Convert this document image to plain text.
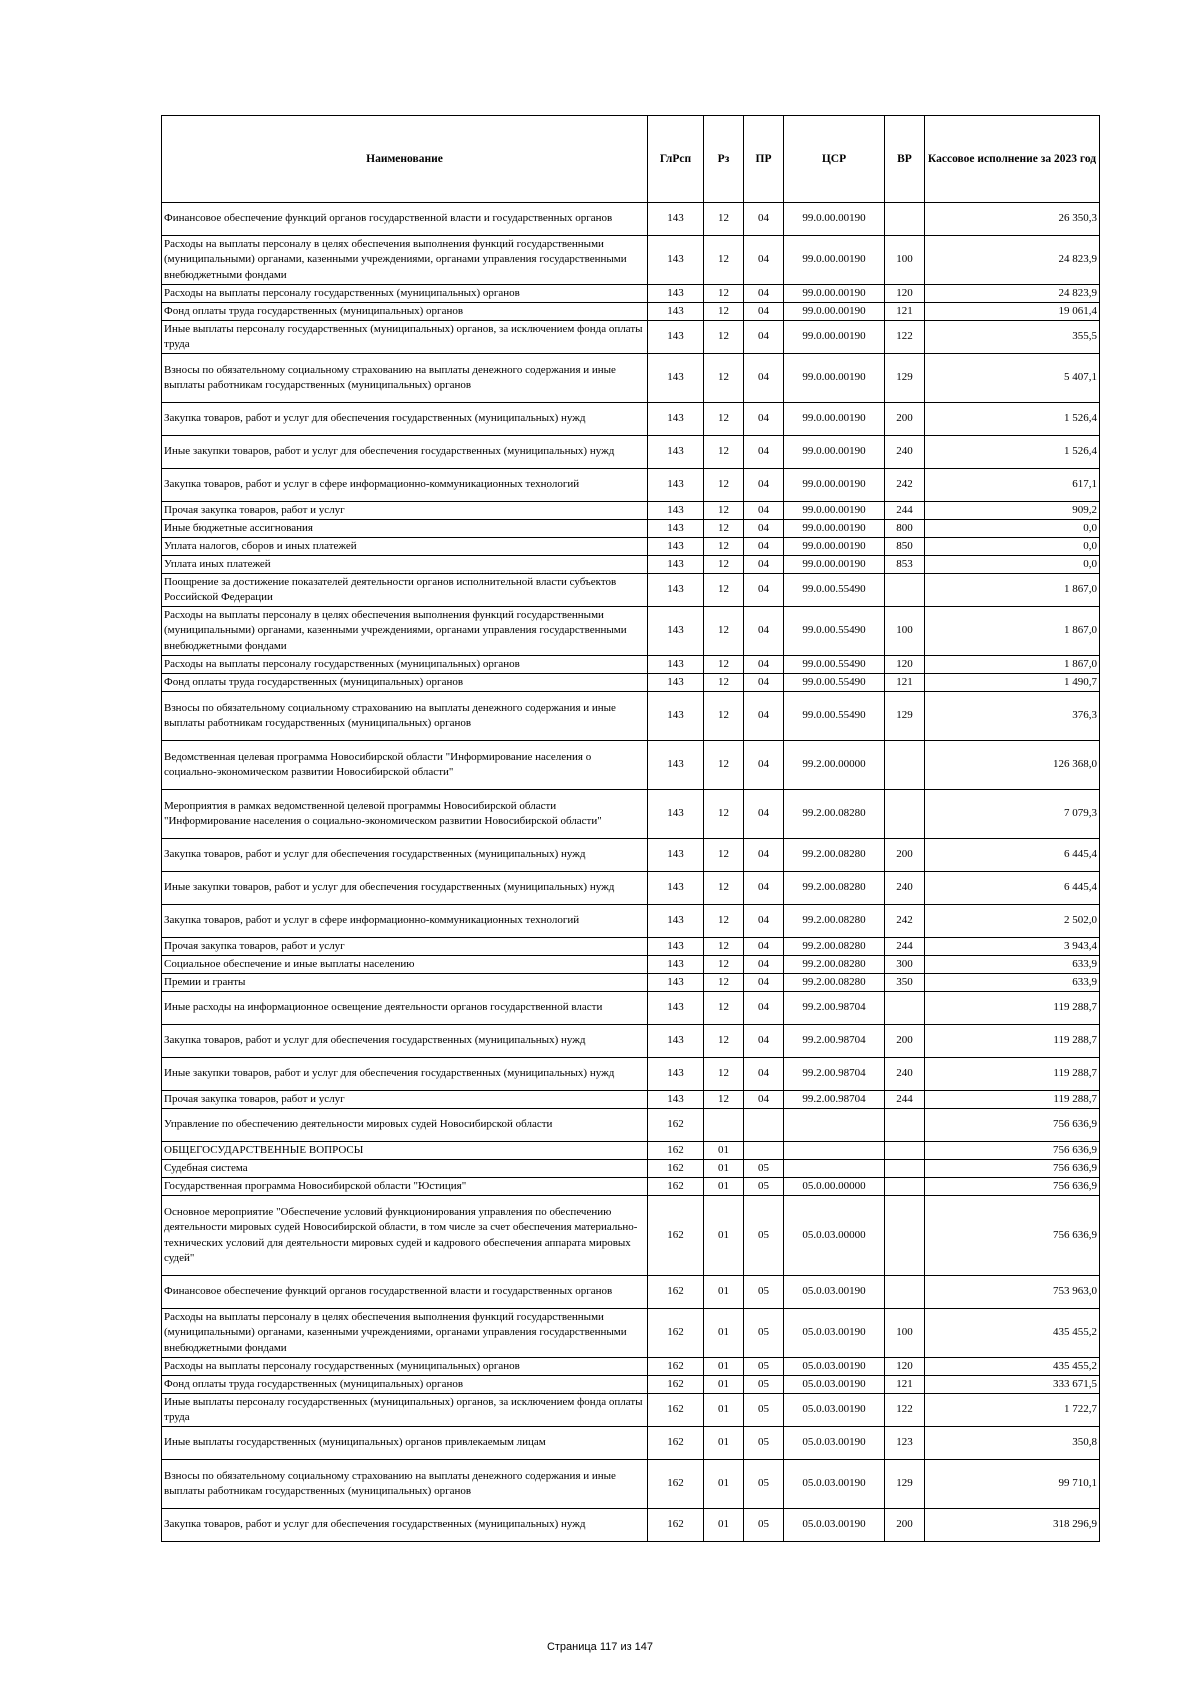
Наименование	ГлРсп	Рз	ПР	ЦСР	ВР	Кассовое исполнение за 2023 год
Финансовое обеспечение функций органов государственной власти и государственных органов	143	12	04	99.0.00.00190		26 350,3
Расходы на выплаты персоналу в целях обеспечения выполнения функций государственными (муниципальными) органами, казенными учреждениями, органами управления государственными внебюджетными фондами	143	12	04	99.0.00.00190	100	24 823,9
Расходы на выплаты персоналу государственных (муниципальных) органов	143	12	04	99.0.00.00190	120	24 823,9
Фонд оплаты труда государственных (муниципальных) органов	143	12	04	99.0.00.00190	121	19 061,4
Иные выплаты персоналу государственных (муниципальных) органов, за исключением фонда оплаты труда	143	12	04	99.0.00.00190	122	355,5
Взносы по обязательному социальному страхованию на выплаты денежного содержания и иные выплаты работникам государственных (муниципальных) органов	143	12	04	99.0.00.00190	129	5 407,1
Закупка товаров, работ и услуг для обеспечения государственных (муниципальных) нужд	143	12	04	99.0.00.00190	200	1 526,4
Иные закупки товаров, работ и услуг для обеспечения государственных (муниципальных) нужд	143	12	04	99.0.00.00190	240	1 526,4
Закупка товаров, работ и услуг в сфере информационно-коммуникационных технологий	143	12	04	99.0.00.00190	242	617,1
Прочая закупка товаров, работ и услуг	143	12	04	99.0.00.00190	244	909,2
Иные бюджетные ассигнования	143	12	04	99.0.00.00190	800	0,0
Уплата налогов, сборов и иных платежей	143	12	04	99.0.00.00190	850	0,0
Уплата иных платежей	143	12	04	99.0.00.00190	853	0,0
Поощрение за достижение показателей деятельности органов исполнительной власти субъектов Российской Федерации	143	12	04	99.0.00.55490		1 867,0
Расходы на выплаты персоналу в целях обеспечения выполнения функций государственными (муниципальными) органами, казенными учреждениями, органами управления государственными внебюджетными фондами	143	12	04	99.0.00.55490	100	1 867,0
Расходы на выплаты персоналу государственных (муниципальных) органов	143	12	04	99.0.00.55490	120	1 867,0
Фонд оплаты труда государственных (муниципальных) органов	143	12	04	99.0.00.55490	121	1 490,7
Взносы по обязательному социальному страхованию на выплаты денежного содержания и иные выплаты работникам государственных (муниципальных) органов	143	12	04	99.0.00.55490	129	376,3
Ведомственная целевая программа Новосибирской области "Информирование населения о социально-экономическом развитии Новосибирской области"	143	12	04	99.2.00.00000		126 368,0
Мероприятия в рамках ведомственной целевой программы Новосибирской области "Информирование населения о социально-экономическом развитии Новосибирской области"	143	12	04	99.2.00.08280		7 079,3
Закупка товаров, работ и услуг для обеспечения государственных (муниципальных) нужд	143	12	04	99.2.00.08280	200	6 445,4
Иные закупки товаров, работ и услуг для обеспечения государственных (муниципальных) нужд	143	12	04	99.2.00.08280	240	6 445,4
Закупка товаров, работ и услуг в сфере информационно-коммуникационных технологий	143	12	04	99.2.00.08280	242	2 502,0
Прочая закупка товаров, работ и услуг	143	12	04	99.2.00.08280	244	3 943,4
Социальное обеспечение и иные выплаты населению	143	12	04	99.2.00.08280	300	633,9
Премии и гранты	143	12	04	99.2.00.08280	350	633,9
Иные расходы на информационное освещение деятельности органов государственной власти	143	12	04	99.2.00.98704		119 288,7
Закупка товаров, работ и услуг для обеспечения государственных (муниципальных) нужд	143	12	04	99.2.00.98704	200	119 288,7
Иные закупки товаров, работ и услуг для обеспечения государственных (муниципальных) нужд	143	12	04	99.2.00.98704	240	119 288,7
Прочая закупка товаров, работ и услуг	143	12	04	99.2.00.98704	244	119 288,7
Управление по обеспечению деятельности мировых судей Новосибирской области	162					756 636,9
ОБЩЕГОСУДАРСТВЕННЫЕ ВОПРОСЫ	162	01				756 636,9
Судебная система	162	01	05			756 636,9
Государственная программа Новосибирской области "Юстиция"	162	01	05	05.0.00.00000		756 636,9
Основное мероприятие "Обеспечение условий функционирования управления по обеспечению деятельности мировых судей Новосибирской области, в том числе за счет обеспечения материально-технических условий для деятельности мировых судей и кадрового обеспечения аппарата мировых судей"	162	01	05	05.0.03.00000		756 636,9
Финансовое обеспечение функций органов государственной власти и государственных органов	162	01	05	05.0.03.00190		753 963,0
Расходы на выплаты персоналу в целях обеспечения выполнения функций государственными (муниципальными) органами, казенными учреждениями, органами управления государственными внебюджетными фондами	162	01	05	05.0.03.00190	100	435 455,2
Расходы на выплаты персоналу государственных (муниципальных) органов	162	01	05	05.0.03.00190	120	435 455,2
Фонд оплаты труда государственных (муниципальных) органов	162	01	05	05.0.03.00190	121	333 671,5
Иные выплаты персоналу государственных (муниципальных) органов, за исключением фонда оплаты труда	162	01	05	05.0.03.00190	122	1 722,7
Иные выплаты государственных (муниципальных) органов привлекаемым лицам	162	01	05	05.0.03.00190	123	350,8
Взносы по обязательному социальному страхованию на выплаты денежного содержания и иные выплаты работникам государственных (муниципальных) органов	162	01	05	05.0.03.00190	129	99 710,1
Закупка товаров, работ и услуг для обеспечения государственных (муниципальных) нужд	162	01	05	05.0.03.00190	200	318 296,9
Страница 117 из 147
